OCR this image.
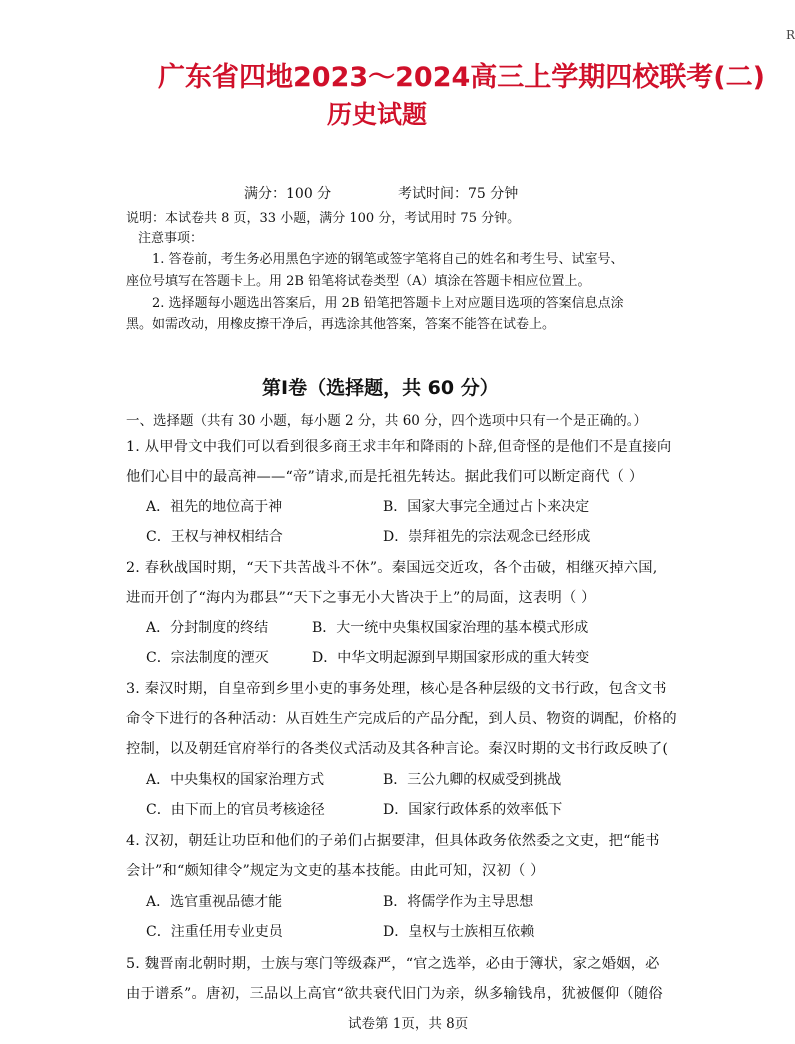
R
广东省四地2023～2024高三上学期四校联考(二)
历史试题
满分：100 分	考试时间：75 分钟
说明：本试卷共 8 页，33 小题，满分 100 分，考试用时 75 分钟。
注意事项：
1. 答卷前，考生务必用黑色字迹的钢笔或签字笔将自己的姓名和考生号、试室号、
座位号填写在答题卡上。用 2B 铅笔将试卷类型（A）填涂在答题卡相应位置上。
2. 选择题每小题选出答案后，用 2B 铅笔把答题卡上对应题目选项的答案信息点涂
黑。如需改动，用橡皮擦干净后，再选涂其他答案，答案不能答在试卷上。
第Ⅰ卷（选择题，共 60 分）
一、选择题（共有 30 小题，每小题 2 分，共 60 分，四个选项中只有一个是正确的。）
1. 从甲骨文中我们可以看到很多商王求丰年和降雨的卜辞,但奇怪的是他们不是直接向
他们心目中的最高神——“帝”请求,而是托祖先转达。据此我们可以断定商代（ ）
A．祖先的地位高于神	B．国家大事完全通过占卜来决定
C．王权与神权相结合	D．崇拜祖先的宗法观念已经形成
2. 春秋战国时期，“天下共苦战斗不休”。秦国远交近攻，各个击破，相继灭掉六国,
进而开创了“海内为郡县”“天下之事无小大皆决于上”的局面，这表明（ ）
A．分封制度的终结	B．大一统中央集权国家治理的基本模式形成
C．宗法制度的湮灭	D．中华文明起源到早期国家形成的重大转变
3. 秦汉时期，自皇帝到乡里小吏的事务处理，核心是各种层级的文书行政，包含文书
命令下进行的各种活动：从百姓生产完成后的产品分配，到人员、物资的调配，价格的
控制，以及朝廷官府举行的各类仪式活动及其各种言论。秦汉时期的文书行政反映了(
A．中央集权的国家治理方式	B．三公九卿的权威受到挑战
C．由下而上的官员考核途径	D．国家行政体系的效率低下
4. 汉初，朝廷让功臣和他们的子弟们占据要津，但具体政务依然委之文吏，把“能书
会计”和“颇知律令”规定为文吏的基本技能。由此可知，汉初（ ）
A．选官重视品德才能	B．将儒学作为主导思想
C．注重任用专业吏员	D．皇权与士族相互依赖
5. 魏晋南北朝时期，士族与寒门等级森严，“官之选举，必由于簿状，家之婚姻，必
由于谱系”。唐初，三品以上高官“欲共衰代旧门为亲，纵多输钱帛，犹被偃仰（随俗
试卷第 1页，共 8页
